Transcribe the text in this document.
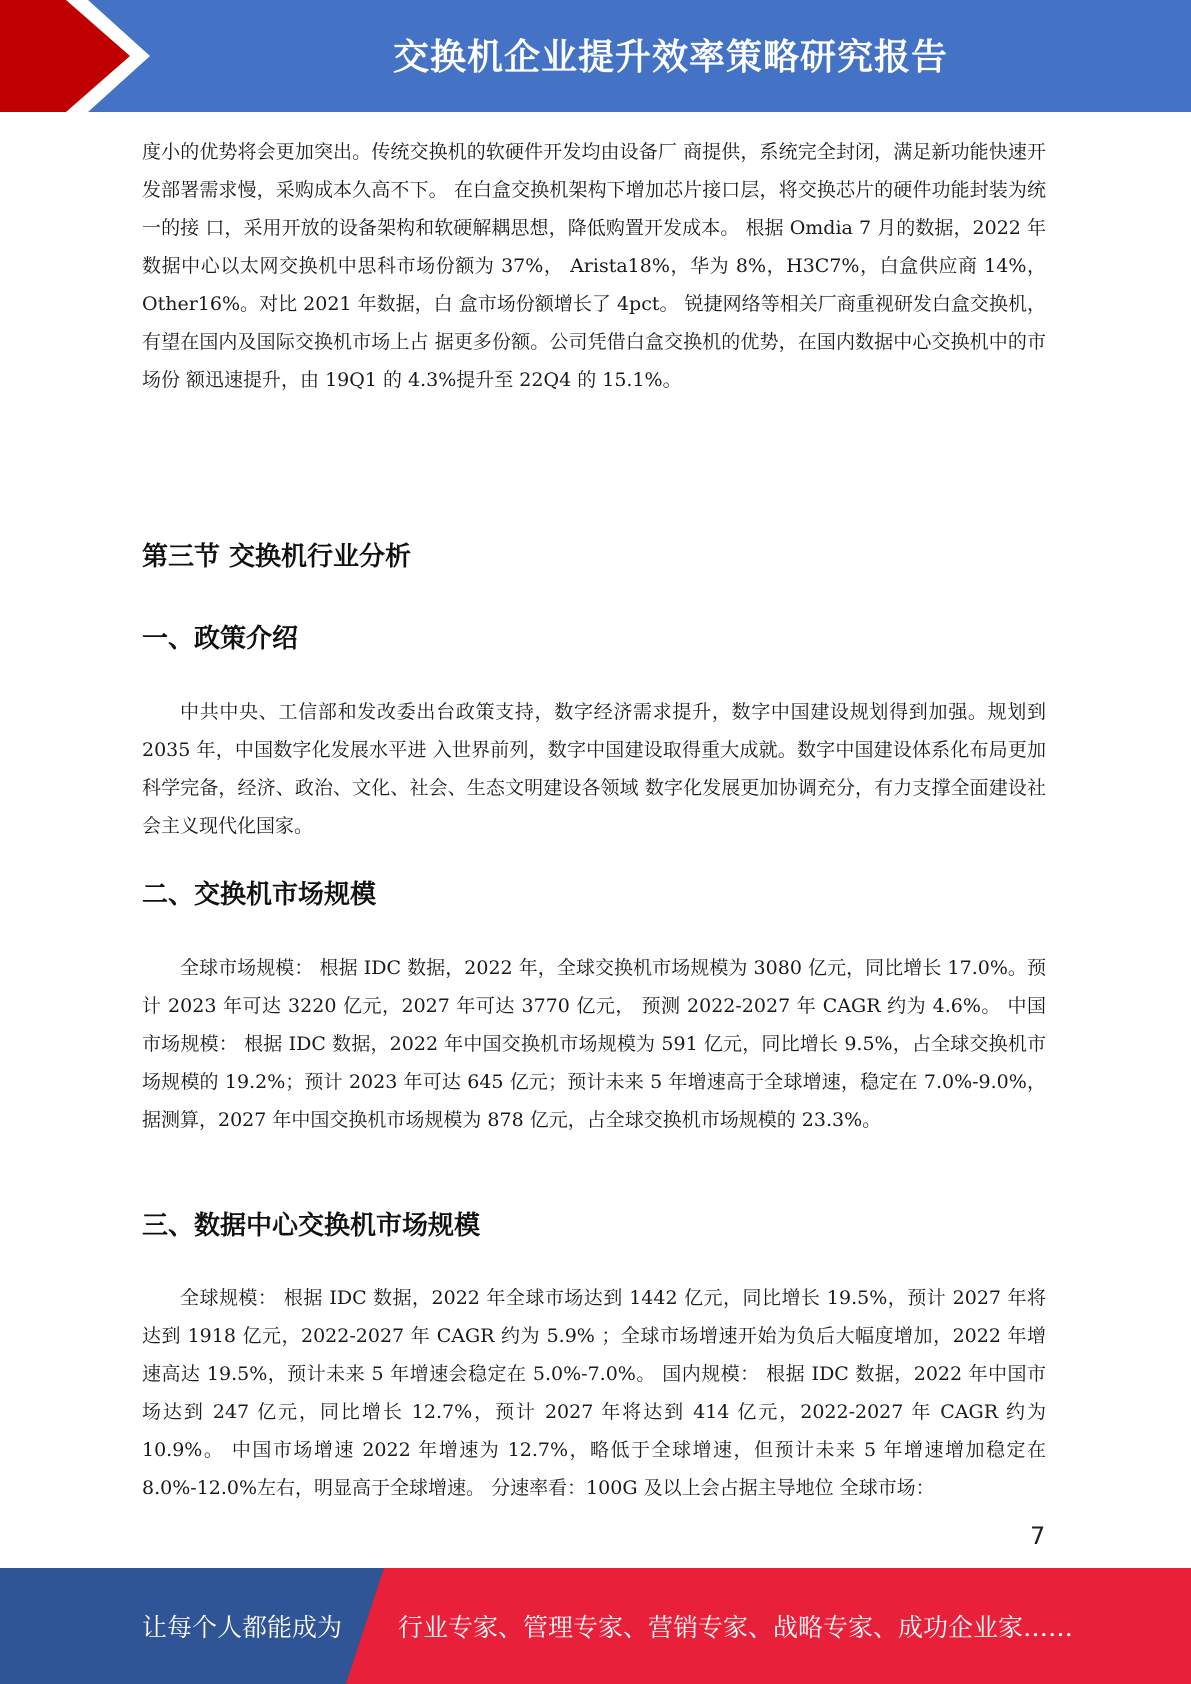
交换机企业提升效率策略研究报告

度小的优势将会更加突出。传统交换机的软硬件开发均由设备厂 商提供，系统完全封闭，满足新功能快速开发部署需求慢，采购成本久高不下。 在白盒交换机架构下增加芯片接口层，将交换芯片的硬件功能封装为统一的接 口，采用开放的设备架构和软硬解耦思想，降低购置开发成本。 根据 Omdia 7 月的数据，2022 年数据中心以太网交换机中思科市场份额为 37%， Arista18%，华为 8%，H3C7%，白盒供应商 14%，Other16%。对比 2021 年数据，白 盒市场份额增长了 4pct。 锐捷网络等相关厂商重视研发白盒交换机，有望在国内及国际交换机市场上占 据更多份额。公司凭借白盒交换机的优势，在国内数据中心交换机中的市场份 额迅速提升，由 19Q1 的 4.3%提升至 22Q4 的 15.1%。

第三节 交换机行业分析
一、政策介绍

中共中央、工信部和发改委出台政策支持，数字经济需求提升，数字中国建设规划得到加强。规划到 2035 年，中国数字化发展水平进 入世界前列，数字中国建设取得重大成就。数字中国建设体系化布局更加科学完备，经济、政治、文化、社会、生态文明建设各领域 数字化发展更加协调充分，有力支撑全面建设社会主义现代化国家。

二、交换机市场规模

全球市场规模： 根据 IDC 数据，2022 年，全球交换机市场规模为 3080 亿元，同比增长 17.0%。预计 2023 年可达 3220 亿元，2027 年可达 3770 亿元， 预测 2022-2027 年 CAGR 约为 4.6%。 中国市场规模： 根据 IDC 数据，2022 年中国交换机市场规模为 591 亿元，同比增长 9.5%，占全球交换机市场规模的 19.2%；预计 2023 年可达 645 亿元；预计未来 5 年增速高于全球增速，稳定在 7.0%-9.0%，据测算，2027 年中国交换机市场规模为 878 亿元，占全球交换机市场规模的 23.3%。

三、数据中心交换机市场规模

全球规模： 根据 IDC 数据，2022 年全球市场达到 1442 亿元，同比增长 19.5%，预计 2027 年将达到 1918 亿元，2022-2027 年 CAGR 约为 5.9% ；全球市场增速开始为负后大幅度增加，2022 年增速高达 19.5%，预计未来 5 年增速会稳定在 5.0%-7.0%。 国内规模： 根据 IDC 数据，2022 年中国市场达到 247 亿元，同比增长 12.7%，预计 2027 年将达到 414 亿元，2022-2027 年 CAGR 约为 10.9%。 中国市场增速 2022 年增速为 12.7%，略低于全球增速，但预计未来 5 年增速增加稳定在 8.0%-12.0%左右，明显高于全球增速。 分速率看：100G 及以上会占据主导地位 全球市场：

7
让每个人都能成为 行业专家、管理专家、营销专家、战略专家、成功企业家……
